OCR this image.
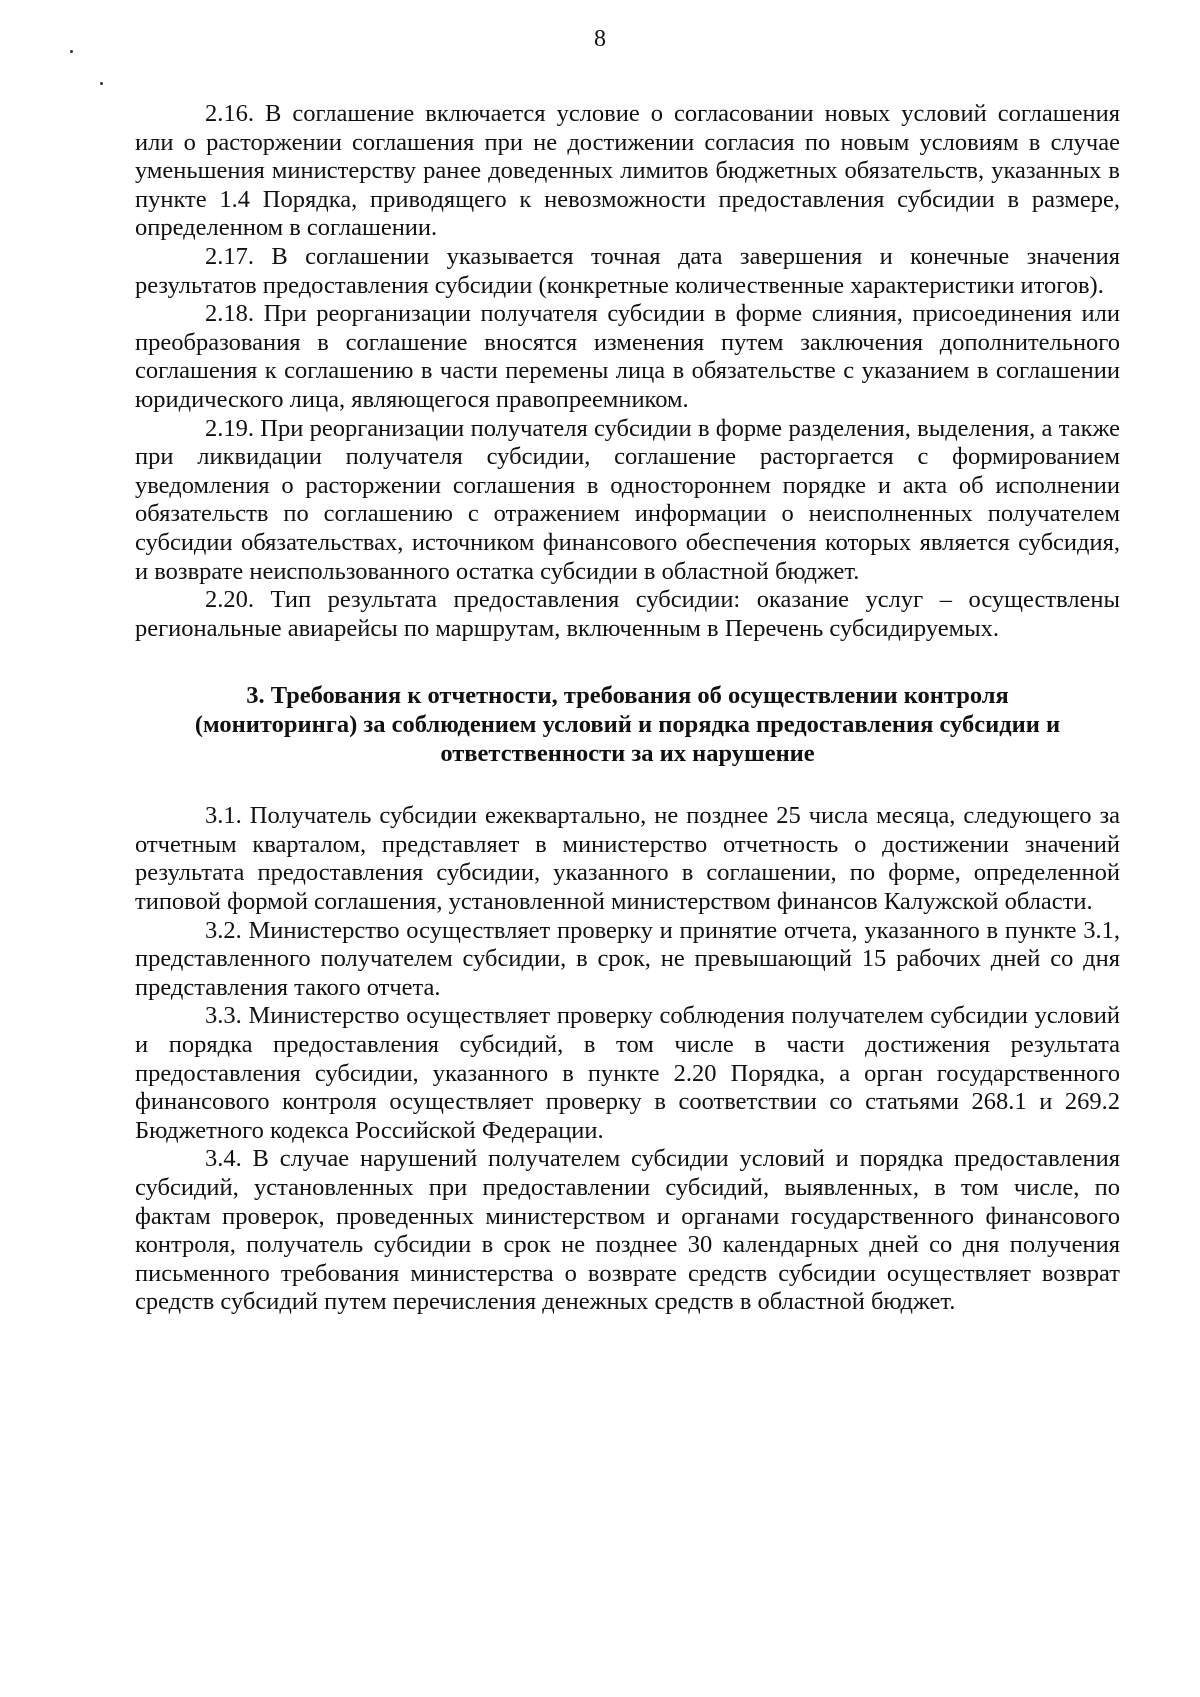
8

2.16. В соглашение включается условие о согласовании новых условий соглашения или о расторжении соглашения при не достижении согласия по новым условиям в случае уменьшения министерству ранее доведенных лимитов бюджетных обязательств, указанных в пункте 1.4 Порядка, приводящего к невозможности предоставления субсидии в размере, определенном в соглашении.

2.17. В соглашении указывается точная дата завершения и конечные значения результатов предоставления субсидии (конкретные количественные характеристики итогов).

2.18. При реорганизации получателя субсидии в форме слияния, присоединения или преобразования в соглашение вносятся изменения путем заключения дополнительного соглашения к соглашению в части перемены лица в обязательстве с указанием в соглашении юридического лица, являющегося правопреемником.

2.19. При реорганизации получателя субсидии в форме разделения, выделения, а также при ликвидации получателя субсидии, соглашение расторгается с формированием уведомления о расторжении соглашения в одностороннем порядке и акта об исполнении обязательств по соглашению с отражением информации о неисполненных получателем субсидии обязательствах, источником финансового обеспечения которых является субсидия, и возврате неиспользованного остатка субсидии в областной бюджет.

2.20. Тип результата предоставления субсидии: оказание услуг – осуществлены региональные авиарейсы по маршрутам, включенным в Перечень субсидируемых.

3. Требования к отчетности, требования об осуществлении контроля (мониторинга) за соблюдением условий и порядка предоставления субсидии и ответственности за их нарушение

3.1. Получатель субсидии ежеквартально, не позднее 25 числа месяца, следующего за отчетным кварталом, представляет в министерство отчетность о достижении значений результата предоставления субсидии, указанного в соглашении, по форме, определенной типовой формой соглашения, установленной министерством финансов Калужской области.

3.2. Министерство осуществляет проверку и принятие отчета, указанного в пункте 3.1, представленного получателем субсидии, в срок, не превышающий 15 рабочих дней со дня представления такого отчета.

3.3. Министерство осуществляет проверку соблюдения получателем субсидии условий и порядка предоставления субсидий, в том числе в части достижения результата предоставления субсидии, указанного в пункте 2.20 Порядка, а орган государственного финансового контроля осуществляет проверку в соответствии со статьями 268.1 и 269.2 Бюджетного кодекса Российской Федерации.

3.4. В случае нарушений получателем субсидии условий и порядка предоставления субсидий, установленных при предоставлении субсидий, выявленных, в том числе, по фактам проверок, проведенных министерством и органами государственного финансового контроля, получатель субсидии в срок не позднее 30 календарных дней со дня получения письменного требования министерства о возврате средств субсидии осуществляет возврат средств субсидий путем перечисления денежных средств в областной бюджет.
